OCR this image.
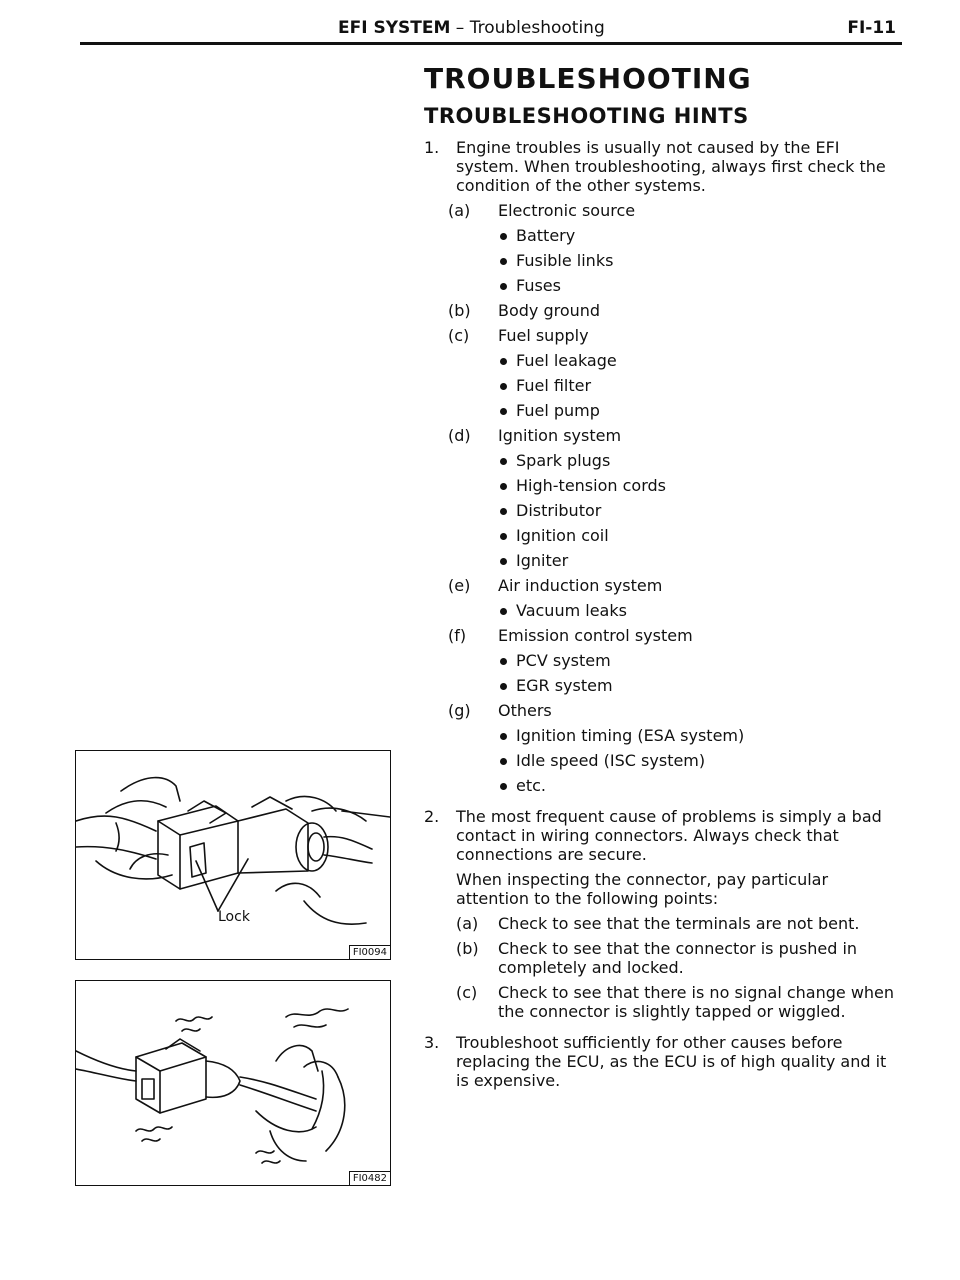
EFI SYSTEM – Troubleshooting	FI-11
TROUBLESHOOTING
TROUBLESHOOTING HINTS
1. Engine troubles is usually not caused by the EFI system. When troubleshooting, always first check the condition of the other systems.
(a) Electronic source
Battery
Fusible links
Fuses
(b) Body ground
(c) Fuel supply
Fuel leakage
Fuel filter
Fuel pump
(d) Ignition system
Spark plugs
High-tension cords
Distributor
Ignition coil
Igniter
(e) Air induction system
Vacuum leaks
(f) Emission control system
PCV system
EGR system
(g) Others
Ignition timing (ESA system)
Idle speed (ISC system)
etc.
2. The most frequent cause of problems is simply a bad contact in wiring connectors. Always check that connections are secure.
When inspecting the connector, pay particular attention to the following points:
(a) Check to see that the terminals are not bent.
(b) Check to see that the connector is pushed in completely and locked.
(c) Check to see that there is no signal change when the connector is slightly tapped or wiggled.
3. Troubleshoot sufficiently for other causes before replacing the ECU, as the ECU is of high quality and it is expensive.
Lock
FI0094
FI0482
